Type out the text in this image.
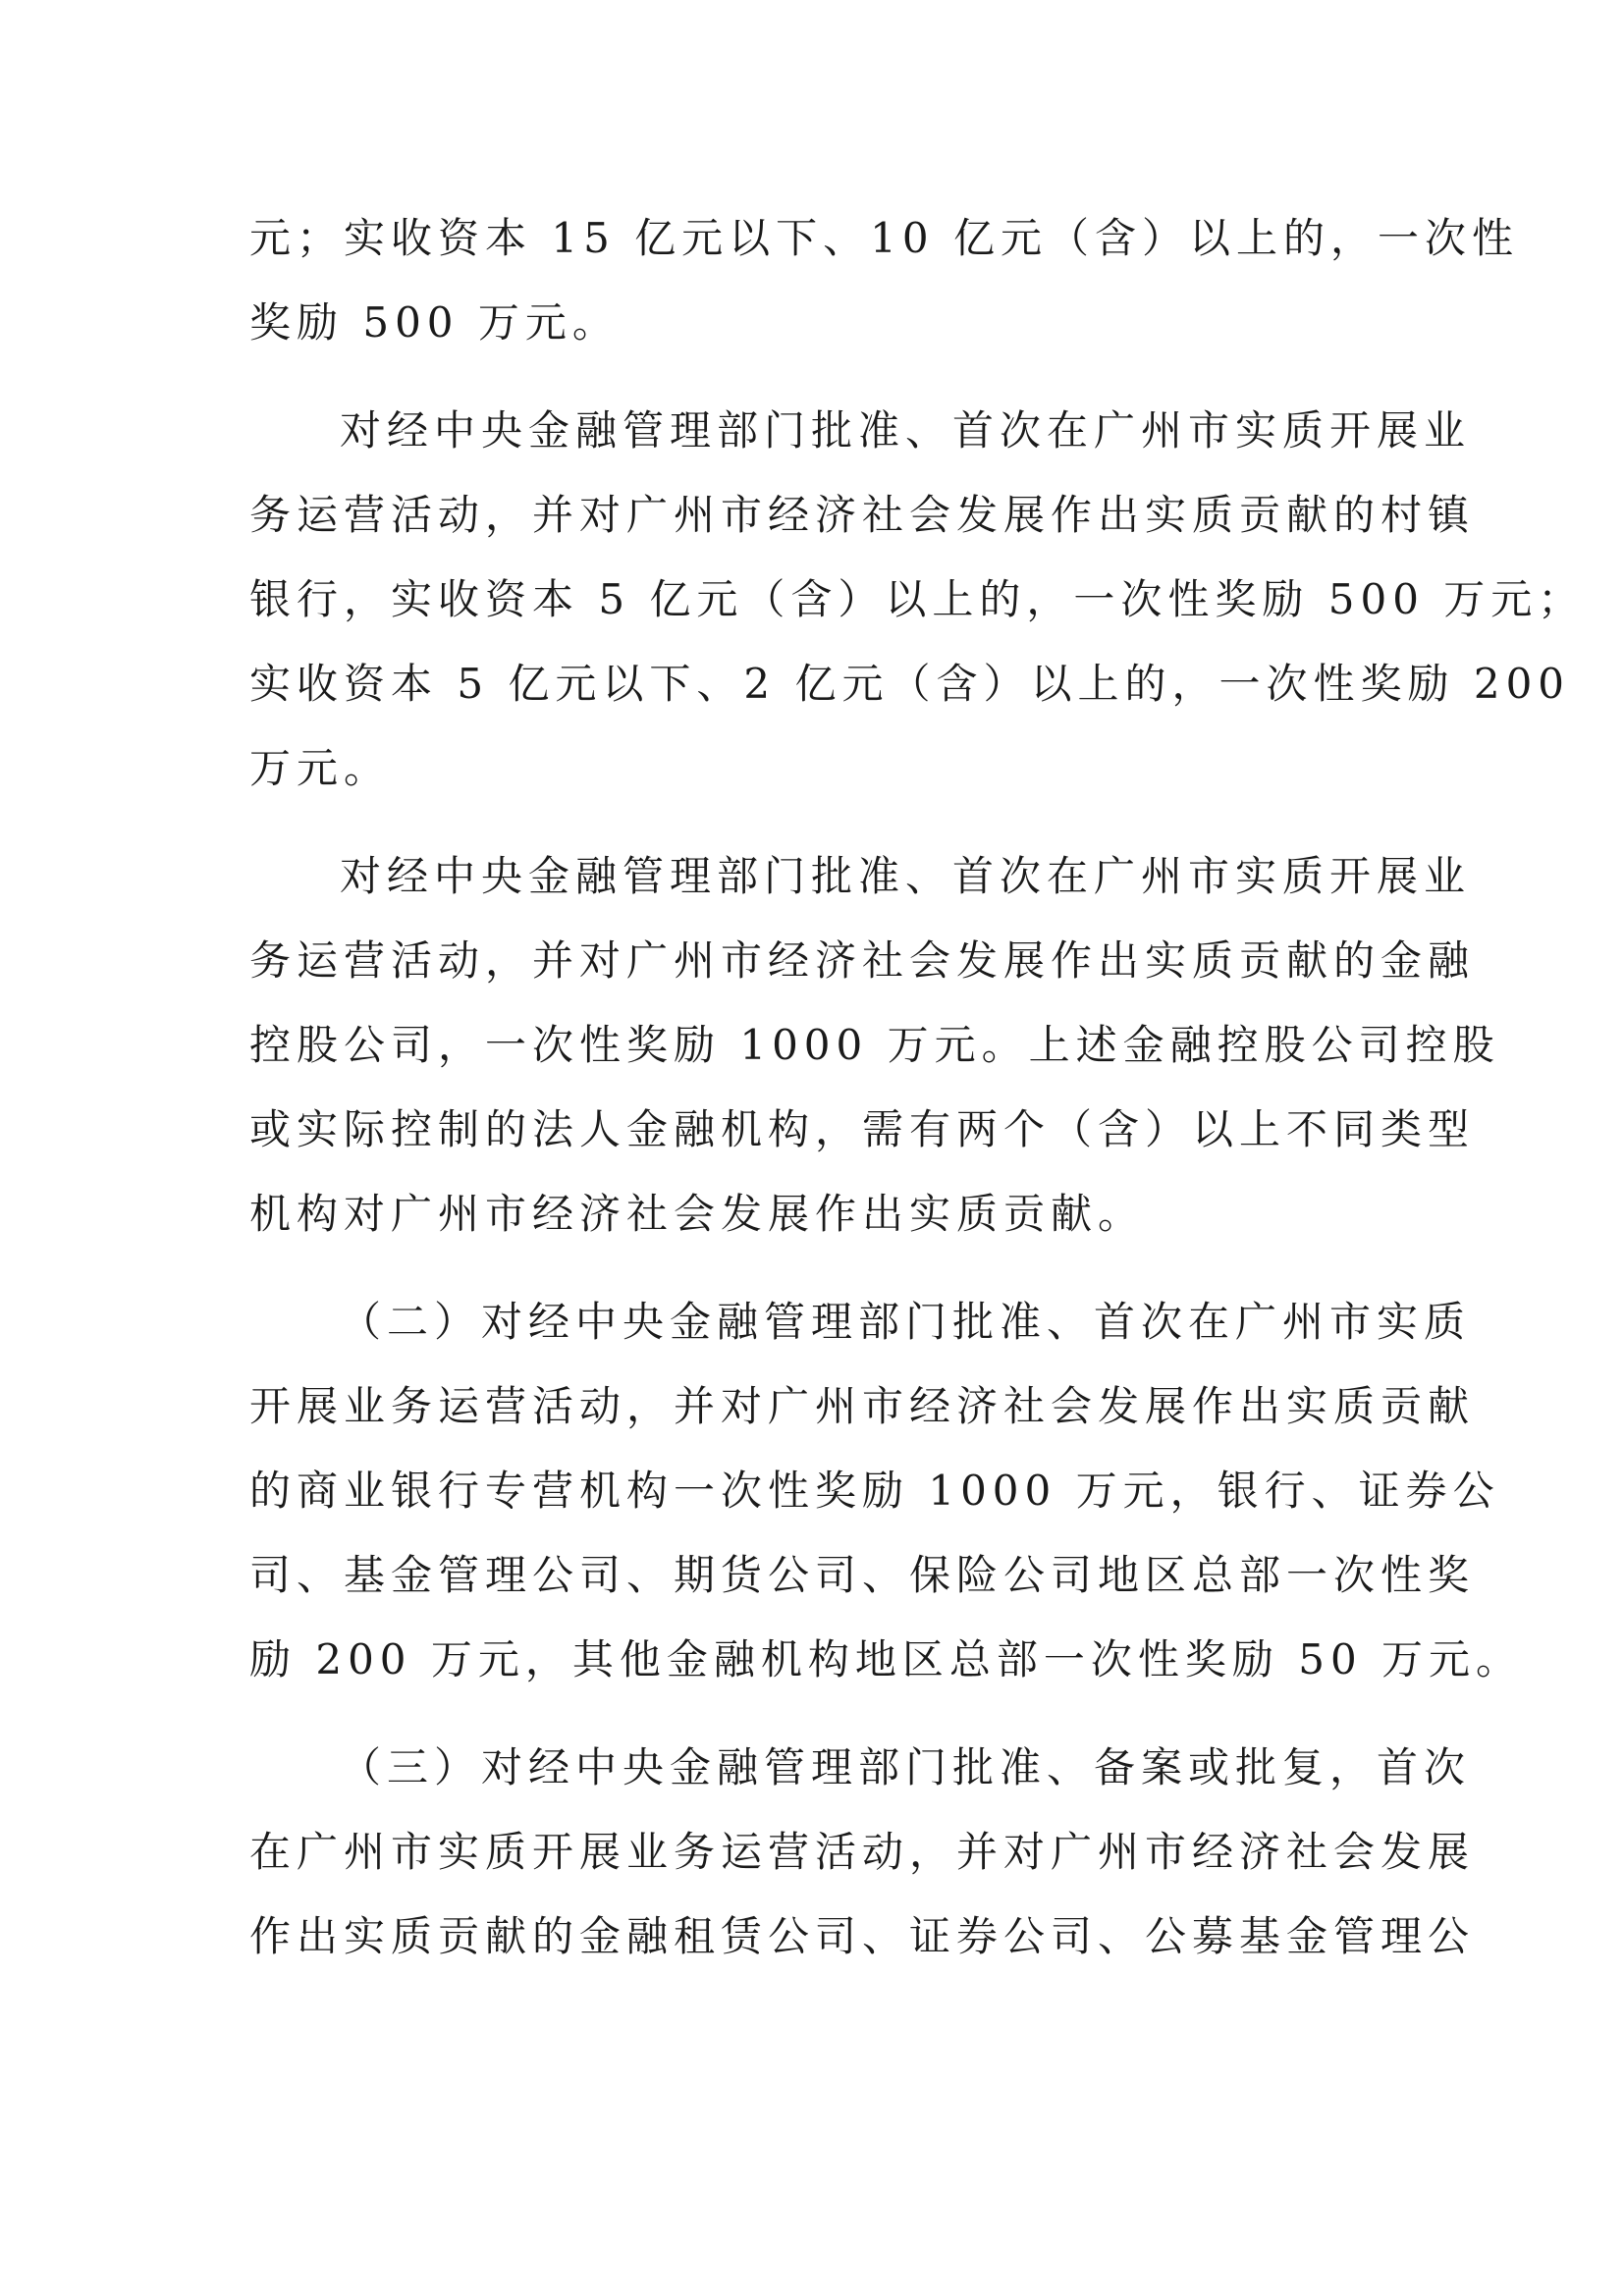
元；实收资本 15 亿元以下、10 亿元（含）以上的，一次性
奖励 500 万元。

对经中央金融管理部门批准、首次在广州市实质开展业
务运营活动，并对广州市经济社会发展作出实质贡献的村镇
银行，实收资本 5 亿元（含）以上的，一次性奖励 500 万元；
实收资本 5 亿元以下、2 亿元（含）以上的，一次性奖励 200
万元。

对经中央金融管理部门批准、首次在广州市实质开展业
务运营活动，并对广州市经济社会发展作出实质贡献的金融
控股公司，一次性奖励 1000 万元。上述金融控股公司控股
或实际控制的法人金融机构，需有两个（含）以上不同类型
机构对广州市经济社会发展作出实质贡献。

（二）对经中央金融管理部门批准、首次在广州市实质
开展业务运营活动，并对广州市经济社会发展作出实质贡献
的商业银行专营机构一次性奖励 1000 万元，银行、证券公
司、基金管理公司、期货公司、保险公司地区总部一次性奖
励 200 万元，其他金融机构地区总部一次性奖励 50 万元。

（三）对经中央金融管理部门批准、备案或批复，首次
在广州市实质开展业务运营活动，并对广州市经济社会发展
作出实质贡献的金融租赁公司、证券公司、公募基金管理公
